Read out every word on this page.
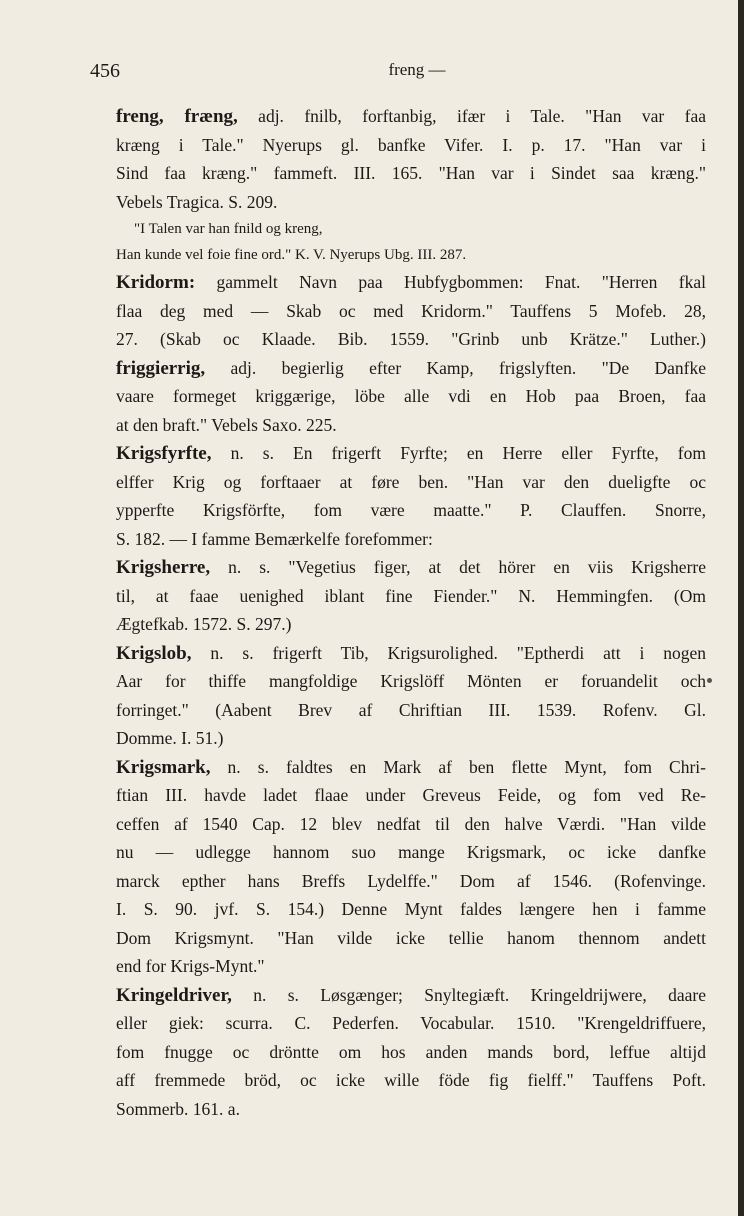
456	freng —
freng, fræng, adj. fnilb, forftanbig, ifær i Tale. "Han var faa
kræng i Tale." Nyerups gl. banfke Vifer. I. p. 17. "Han var i
Sind faa kræng." fammeft. III. 165. "Han var i Sindet saa kræng."
Vebels Tragica. S. 209.
"I Talen var han fnild og kreng,
Han kunde vel foie fine ord." K. V. Nyerups Ubg. III. 287.
Kridorm: gammelt Navn paa Hubfygbommen: Fnat. "Herren fkal
flaa deg med — Skab oc med Kridorm." Tauffens 5 Mofeb. 28,
27. (Skab oc Klaade. Bib. 1559. "Grinb unb Krätze." Luther.)
friggierrig, adj. begierlig efter Kamp, frigslyften. "De Danfke
vaare formeget kriggærige, löbe alle vdi en Hob paa Broen, faa
at den braft." Vebels Saxo. 225.
Krigsfyrfte, n. s. En frigerft Fyrfte; en Herre eller Fyrfte, fom
elffer Krig og forftaaer at føre ben. "Han var den dueligfte oc
ypperfte Krigsförfte, fom være maatte." P. Clauffen. Snorre,
S. 182. — I famme Bemærkelfe forefommer:
Krigsherre, n. s. "Vegetius figer, at det hörer en viis Krigsherre
til, at faae uenighed iblant fine Fiender." N. Hemmingfen. (Om
Ægtefkab. 1572. S. 297.)
Krigslob, n. s. frigerft Tib, Krigsurolighed. "Eptherdi att i nogen
Aar for thiffe mangfoldige Krigslöff Mönten er foruandelit och
forringet." (Aabent Brev af Chriftian III. 1539. Rofenv. Gl.
Domme. I. 51.)
Krigsmark, n. s. faldtes en Mark af ben flette Mynt, fom Chri-
ftian III. havde ladet flaae under Greveus Feide, og fom ved Re-
ceffen af 1540 Cap. 12 blev nedfat til den halve Værdi. "Han vilde
nu — udlegge hannom suo mange Krigsmark, oc icke danfke
marck epther hans Breffs Lydelffe." Dom af 1546. (Rofenvinge.
I. S. 90. jvf. S. 154.) Denne Mynt faldes længere hen i famme
Dom Krigsmynt. "Han vilde icke tellie hanom thennom andett
end for Krigs-Mynt."
Kringeldriver, n. s. Løsgænger; Snyltegiæft. Kringeldrijwere, daare
eller giek: scurra. C. Pederfen. Vocabular. 1510. "Krengeldriffuere,
fom fnugge oc dröntte om hos anden mands bord, leffue altijd
aff fremmede bröd, oc icke wille föde fig fielff." Tauffens Poft.
Sommerb. 161. a.
